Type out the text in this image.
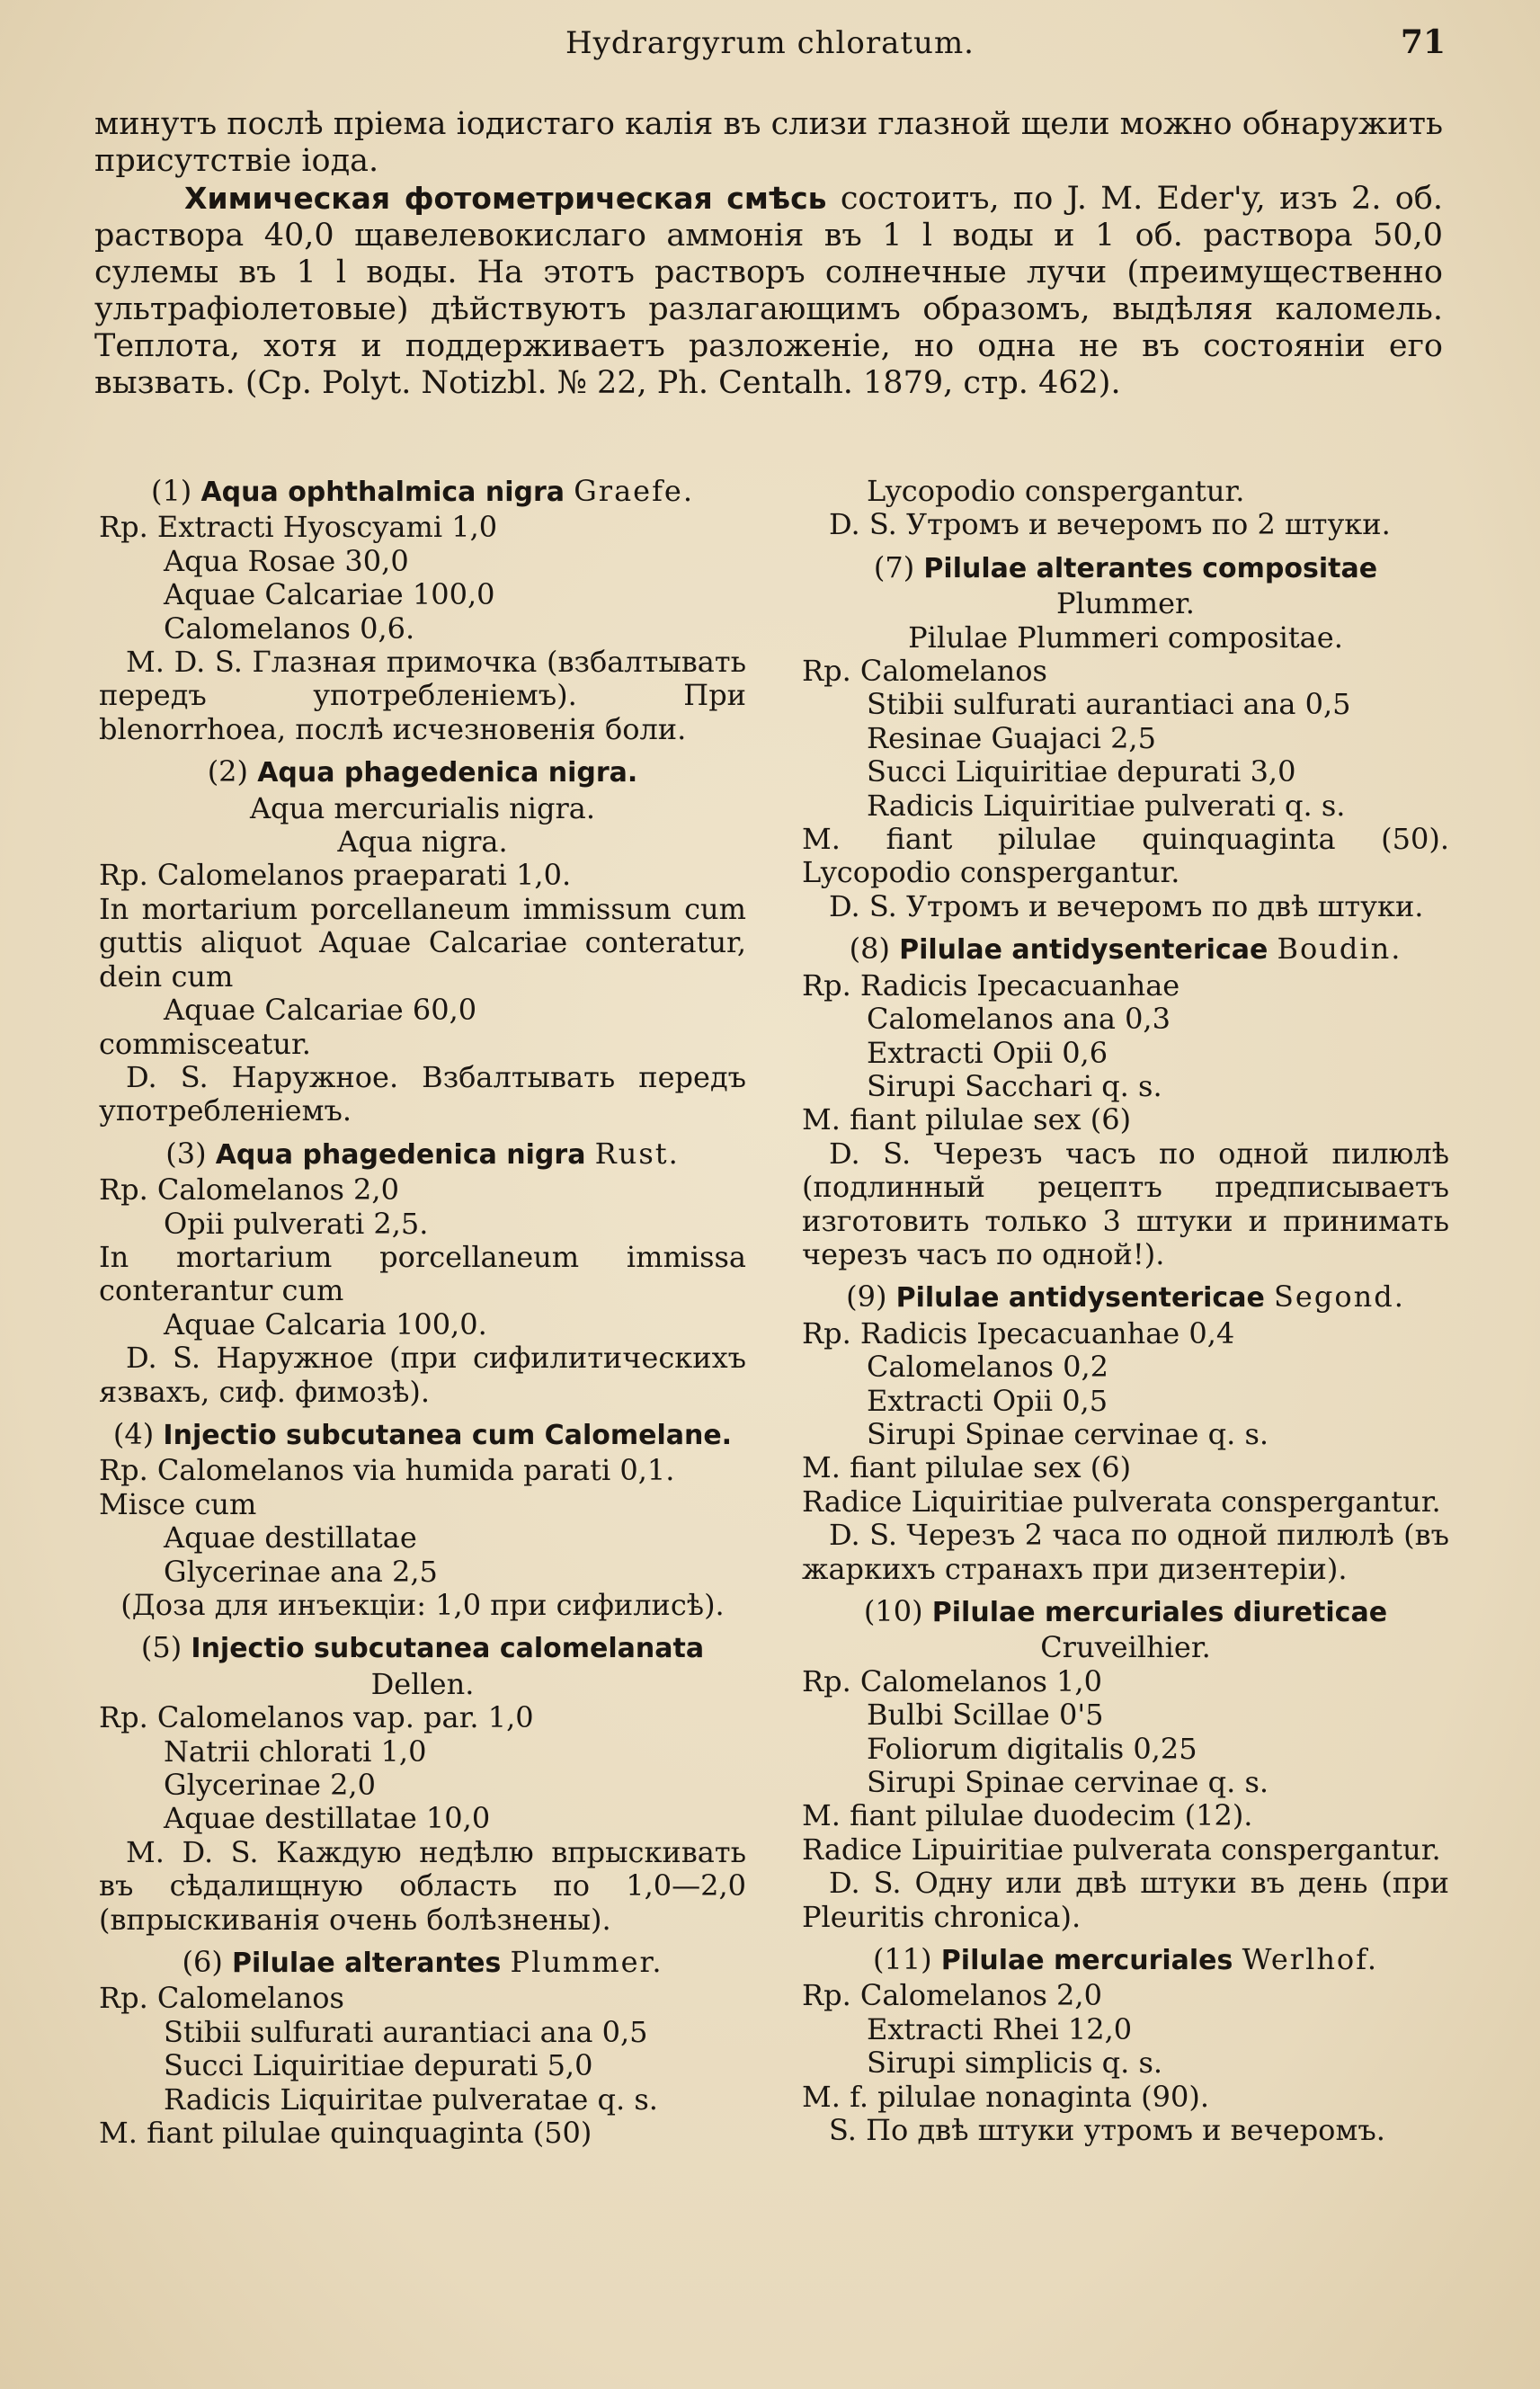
Hydrargyrum chloratum.	71

минутъ послѣ пріема іодистаго калія въ слизи глазной щели можно обнаружить присутствіе іода.

Химическая фотометрическая смѣсь состоитъ, по J. M. Eder'y, изъ 2. об. раствора 40,0 щавелевокислаго аммонія въ 1 l воды и 1 об. раствора 50,0 сулемы въ 1 l воды. На этотъ растворъ солнечные лучи (преимущественно ультрафіолетовые) дѣйствуютъ разлагающимъ образомъ, выдѣляя каломель. Теплота, хотя и поддерживаетъ разложеніе, но одна не въ состояніи его вызвать. (Ср. Polyt. Notizbl. № 22, Ph. Centalh. 1879, стр. 462).

(1) Aqua ophthalmica nigra Graefe.
Rp. Extracti Hyoscyami 1,0
Aqua Rosae 30,0
Aquae Calcariae 100,0
Calomelanos 0,6.
M. D. S. Глазная примочка (взбалтывать передъ употребленіемъ). При blenorrhoea, послѣ исчезновенія боли.
(2) Aqua phagedenica nigra.
Aqua mercurialis nigra.
Aqua nigra.
Rp. Calomelanos praeparati 1,0.
In mortarium porcellaneum immissum cum guttis aliquot Aquae Calcariae conteratur, dein cum
Aquae Calcariae 60,0
commisceatur.
D. S. Наружное. Взбалтывать передъ употребленіемъ.
(3) Aqua phagedenica nigra Rust.
Rp. Calomelanos 2,0
Opii pulverati 2,5.
In mortarium porcellaneum immissa conterantur cum
Aquae Calcaria 100,0.
D. S. Наружное (при сифилитическихъ язвахъ, сиф. фимозѣ).
(4) Injectio subcutanea cum Calomelane.
Rp. Calomelanos via humida parati 0,1.
Misce cum
Aquae destillatae
Glycerinae ana 2,5
(Доза для инъекціи: 1,0 при сифилисѣ).
(5) Injectio subcutanea calomelanata
Dellen.
Rp. Calomelanos vap. par. 1,0
Natrii chlorati 1,0
Glycerinae 2,0
Aquae destillatae 10,0
M. D. S. Каждую недѣлю впрыскивать въ сѣдалищную область по 1,0—2,0 (впрыскиванія очень болѣзнены).
(6) Pilulae alterantes Plummer.
Rp. Calomelanos
Stibii sulfurati aurantiaci ana 0,5
Succi Liquiritiae depurati 5,0
Radicis Liquiritae pulveratae q. s.
M. fiant pilulae quinquaginta (50)
Lycopodio conspergantur.
D. S. Утромъ и вечеромъ по 2 штуки.
(7) Pilulae alterantes compositae
Plummer.
Pilulae Plummeri compositae.
Rp. Calomelanos
Stibii sulfurati aurantiaci ana 0,5
Resinae Guajaci 2,5
Succi Liquiritiae depurati 3,0
Radicis Liquiritiae pulverati q. s.
M. fiant pilulae quinquaginta (50). Lycopodio conspergantur.
D. S. Утромъ и вечеромъ по двѣ штуки.
(8) Pilulae antidysentericae Boudin.
Rp. Radicis Ipecacuanhae
Calomelanos ana 0,3
Extracti Opii 0,6
Sirupi Sacchari q. s.
M. fiant pilulae sex (6)
D. S. Черезъ часъ по одной пилюлѣ (подлинный рецептъ предписываетъ изготовить только 3 штуки и принимать черезъ часъ по одной!).
(9) Pilulae antidysentericae Segond.
Rp. Radicis Ipecacuanhae 0,4
Calomelanos 0,2
Extracti Opii 0,5
Sirupi Spinae cervinae q. s.
M. fiant pilulae sex (6)
Radice Liquiritiae pulverata conspergantur.
D. S. Черезъ 2 часа по одной пилюлѣ (въ жаркихъ странахъ при дизентеріи).
(10) Pilulae mercuriales diureticae
Cruveilhier.
Rp. Calomelanos 1,0
Bulbi Scillae 0'5
Foliorum digitalis 0,25
Sirupi Spinae cervinae q. s.
M. fiant pilulae duodecim (12).
Radice Lipuiritiae pulverata conspergantur.
D. S. Одну или двѣ штуки въ день (при Pleuritis chronica).
(11) Pilulae mercuriales Werlhof.
Rp. Calomelanos 2,0
Extracti Rhei 12,0
Sirupi simplicis q. s.
M. f. pilulae nonaginta (90).
S. По двѣ штуки утромъ и вечеромъ.
